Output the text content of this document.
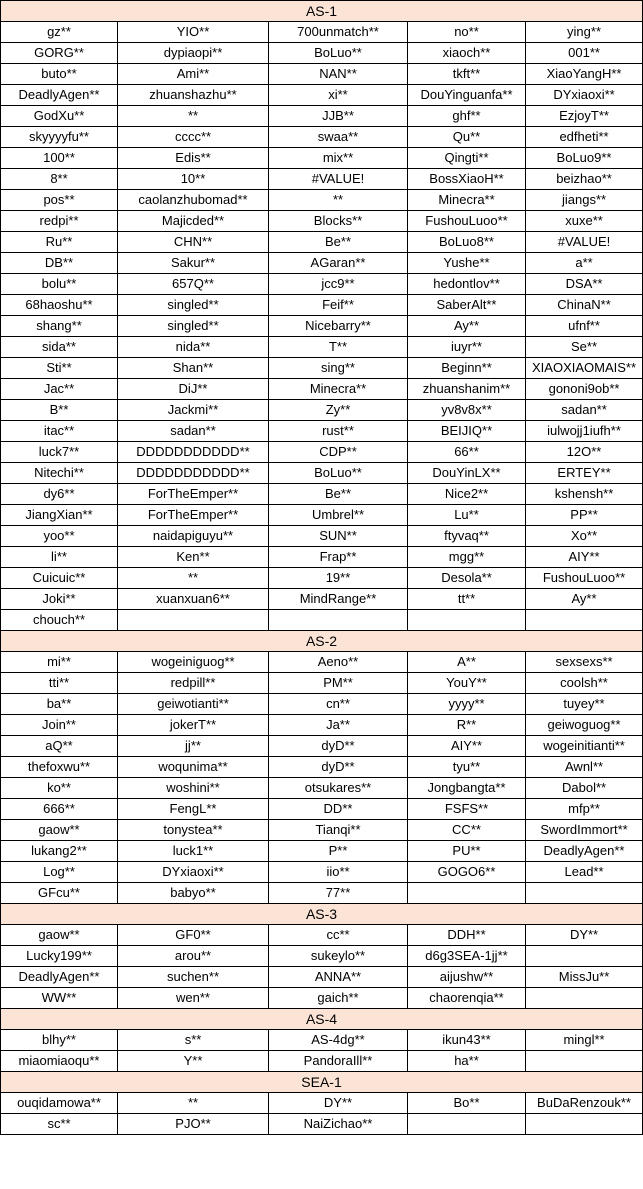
AS-1				
gz**	YIO**	700unmatch**	no**	ying**
GORG**	dypiaopi**	BoLuo**	xiaoch**	001**
buto**	Ami**	NAN**	tkft**	XiaoYangH**
DeadlyAgen**	zhuanshazhu**	xi**	DouYinguanfa**	DYxiaoxi**
GodXu**	**	JJB**	ghf**	EzjoyT**
skyyyyfu**	cccc**	swaa**	Qu**	edfheti**
100**	Edis**	mix**	Qingti**	BoLuo9**
8**	10**	#VALUE!	BossXiaoH**	beizhao**
pos**	caolanzhubomad**	**	Minecra**	jiangs**
redpi**	Majicded**	Blocks**	FushouLuoo**	xuxe**
Ru**	CHN**	Be**	BoLuo8**	#VALUE!
DB**	Sakur**	AGaran**	Yushe**	a**
bolu**	657Q**	jcc9**	hedontlov**	DSA**
68haoshu**	singled**	Feif**	SaberAlt**	ChinaN**
shang**	singled**	Nicebarry**	Ay**	ufnf**
sida**	nida**	T**	iuyr**	Se**
Sti**	Shan**	sing**	Beginn**	XIAOXIAOMAIS**
Jac**	DiJ**	Minecra**	zhuanshanim**	gononi9ob**
B**	Jackmi**	Zy**	yv8v8x**	sadan**
itac**	sadan**	rust**	BEIJIQ**	iulwojj1iufh**
luck7**	DDDDDDDDDDD**	CDP**	66**	12O**
Nitechi**	DDDDDDDDDDD**	BoLuo**	DouYinLX**	ERTEY**
dy6**	ForTheEmper**	Be**	Nice2**	kshensh**
JiangXian**	ForTheEmper**	Umbrel**	Lu**	PP**
yoo**	naidapiguyu**	SUN**	ftyvaq**	Xo**
li**	Ken**	Frap**	mgg**	AIY**
Cuicuic**	**	19**	Desola**	FushouLuoo**
Joki**	xuanxuan6**	MindRange**	tt**	Ay**
chouch**				
AS-2				
mi**	wogeiniguog**	Aeno**	A**	sexsexs**
tti**	redpill**	PM**	YouY**	coolsh**
ba**	geiwotianti**	cn**	yyyy**	tuyey**
Join**	jokerT**	Ja**	R**	geiwoguog**
aQ**	jj**	dyD**	AIY**	wogeinitianti**
thefoxwu**	woqunima**	dyD**	tyu**	Awnl**
ko**	woshini**	otsukares**	Jongbangta**	Dabol**
666**	FengL**	DD**	FSFS**	mfp**
gaow**	tonystea**	Tianqi**	CC**	SwordImmort**
lukang2**	luck1**	P**	PU**	DeadlyAgen**
Log**	DYxiaoxi**	iio**	GOGO6**	Lead**
GFcu**	babyo**	77**		
AS-3				
gaow**	GF0**	cc**	DDH**	DY**
Lucky199**	arou**	sukeylo**	d6g3SEA-1jj**	
DeadlyAgen**	suchen**	ANNA**	aijushw**	MissJu**
WW**	wen**	gaich**	chaorenqia**	
AS-4				
blhy**	s**	AS-4dg**	ikun43**	mingl**
miaomiaoqu**	Y**	PandoraIll**	ha**	
SEA-1				
ouqidamowa**	**	DY**	Bo**	BuDaRenzouk**
sc**	PJO**	NaiZichao**		
